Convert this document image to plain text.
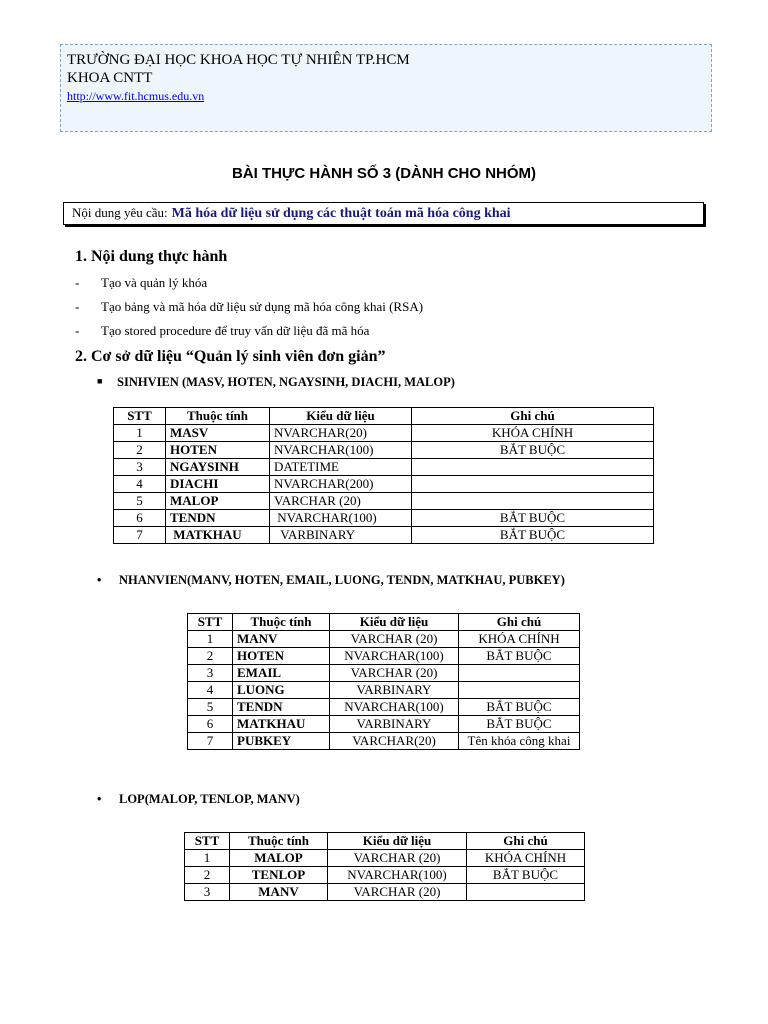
TRƯỜNG ĐẠI HỌC KHOA HỌC TỰ NHIÊN TP.HCM
KHOA CNTT
http://www.fit.hcmus.edu.vn
BÀI THỰC HÀNH SỐ 3 (DÀNH CHO NHÓM)
Nội dung yêu cầu: Mã hóa dữ liệu sử dụng các thuật toán mã hóa công khai
1. Nội dung thực hành
- Tạo và quản lý khóa
- Tạo bảng và mã hóa dữ liệu sử dụng mã hóa công khai (RSA)
- Tạo stored procedure để truy vấn dữ liệu đã mã hóa
2. Cơ sở dữ liệu “Quản lý sinh viên đơn giản”
■ SINHVIEN (MASV, HOTEN, NGAYSINH, DIACHI, MALOP)
STT	Thuộc tính	Kiểu dữ liệu	Ghi chú
1	MASV	NVARCHAR(20)	KHÓA CHÍNH
2	HOTEN	NVARCHAR(100)	BẮT BUỘC
3	NGAYSINH	DATETIME	
4	DIACHI	NVARCHAR(200)	
5	MALOP	VARCHAR (20)	
6	TENDN	NVARCHAR(100)	BẮT BUỘC
7	MATKHAU	VARBINARY	BẮT BUỘC
• NHANVIEN(MANV, HOTEN, EMAIL, LUONG, TENDN, MATKHAU, PUBKEY)
STT	Thuộc tính	Kiểu dữ liệu	Ghi chú
1	MANV	VARCHAR (20)	KHÓA CHÍNH
2	HOTEN	NVARCHAR(100)	BẮT BUỘC
3	EMAIL	VARCHAR (20)	
4	LUONG	VARBINARY	
5	TENDN	NVARCHAR(100)	BẮT BUỘC
6	MATKHAU	VARBINARY	BẮT BUỘC
7	PUBKEY	VARCHAR(20)	Tên khóa công khai
• LOP(MALOP, TENLOP, MANV)
STT	Thuộc tính	Kiểu dữ liệu	Ghi chú
1	MALOP	VARCHAR (20)	KHÓA CHÍNH
2	TENLOP	NVARCHAR(100)	BẮT BUỘC
3	MANV	VARCHAR (20)	
